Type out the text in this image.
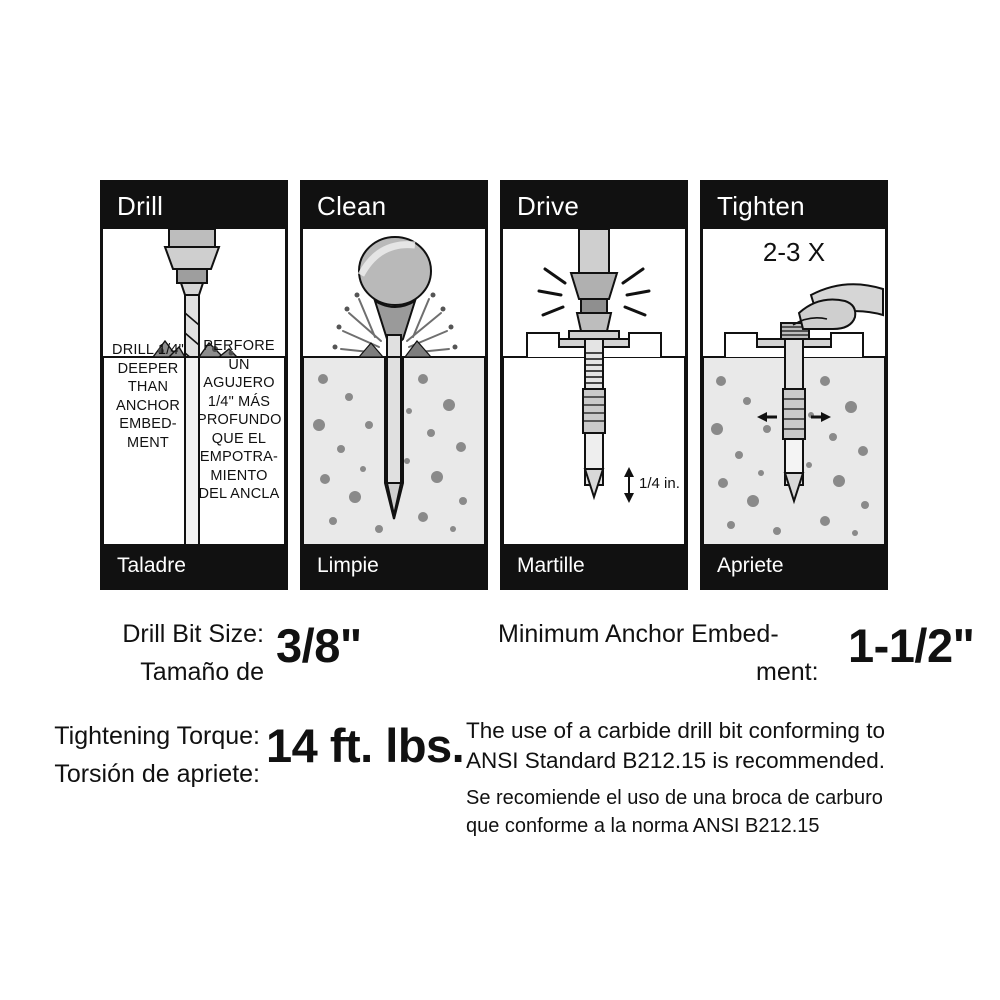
Drill
DRILL 1/4" DEEPER THAN ANCHOR EMBED-MENT
PERFORE UN AGUJERO 1/4" MÁS PROFUNDO QUE EL EMPOTRA-MIENTO DEL ANCLA
Taladre
Clean
Limpie
Drive
1/4 in.
Martille
Tighten
2-3 X
Apriete
Drill Bit Size:
Tamaño de 3/8"	Minimum Anchor Embed-
ment: 1-1/2"
Tightening Torque:
Torsión de apriete:
14 ft. lbs. The use of a carbide drill bit conforming to
ANSI Standard B212.15 is recommended.
Se recomiende el uso de una broca de carburo
que conforme a la norma ANSI B212.15
